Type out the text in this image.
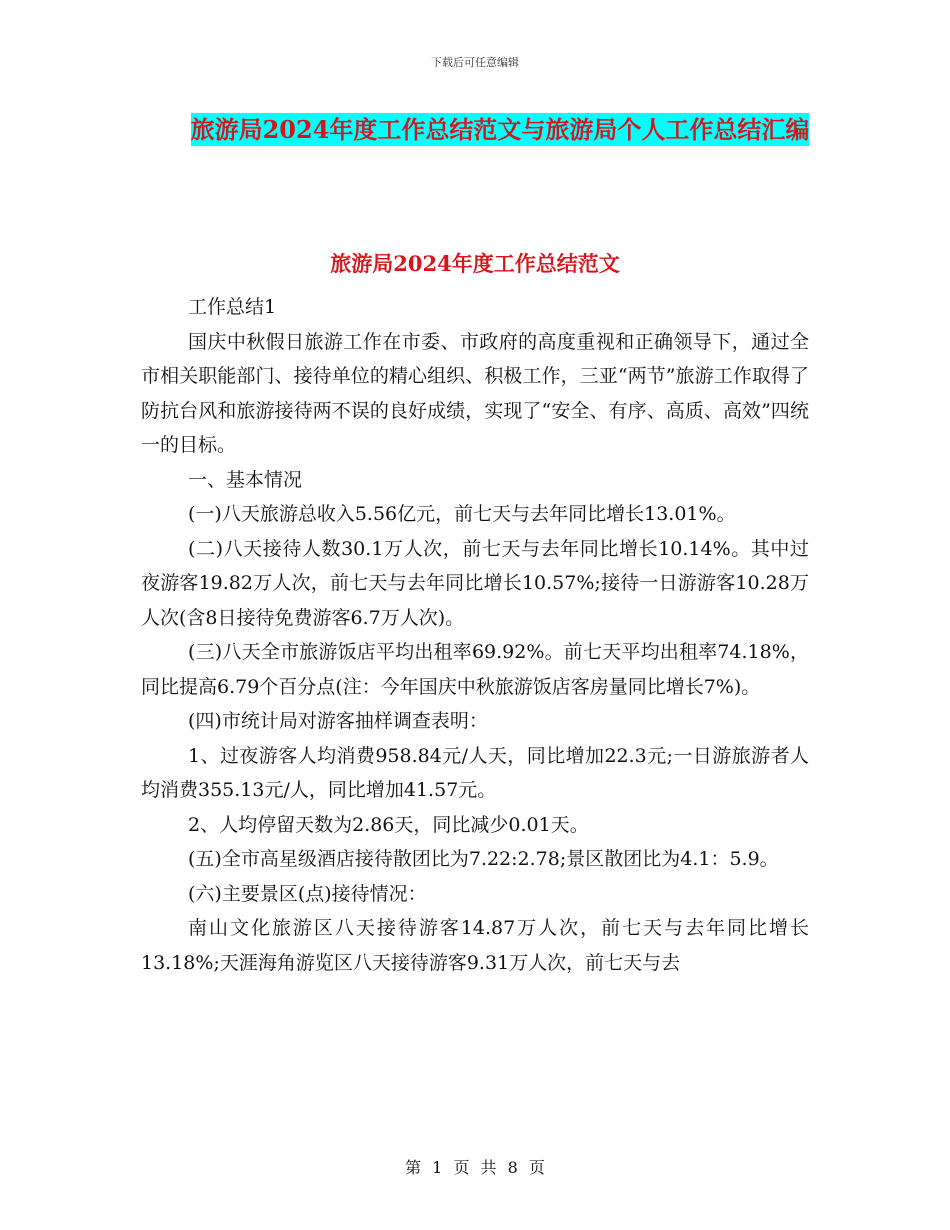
下载后可任意编辑
旅游局2024年度工作总结范文与旅游局个人工作总结汇编
旅游局2024年度工作总结范文

工作总结1

国庆中秋假日旅游工作在市委、市政府的高度重视和正确领导下，通过全市相关职能部门、接待单位的精心组织、积极工作，三亚“两节”旅游工作取得了防抗台风和旅游接待两不误的良好成绩，实现了“安全、有序、高质、高效”四统一的目标。

一、基本情况

(一)八天旅游总收入5.56亿元，前七天与去年同比增长13.01%。

(二)八天接待人数30.1万人次，前七天与去年同比增长10.14%。其中过夜游客19.82万人次，前七天与去年同比增长10.57%;接待一日游游客10.28万人次(含8日接待免费游客6.7万人次)。

(三)八天全市旅游饭店平均出租率69.92%。前七天平均出租率74.18%，同比提高6.79个百分点(注：今年国庆中秋旅游饭店客房量同比增长7%)。

(四)市统计局对游客抽样调查表明：

1、过夜游客人均消费958.84元/人天，同比增加22.3元;一日游旅游者人均消费355.13元/人，同比增加41.57元。

2、人均停留天数为2.86天，同比减少0.01天。

(五)全市高星级酒店接待散团比为7.22:2.78;景区散团比为4.1：5.9。

(六)主要景区(点)接待情况：

南山文化旅游区八天接待游客14.87万人次，前七天与去年同比增长13.18%;天涯海角游览区八天接待游客9.31万人次，前七天与去

第 1 页 共 8 页
